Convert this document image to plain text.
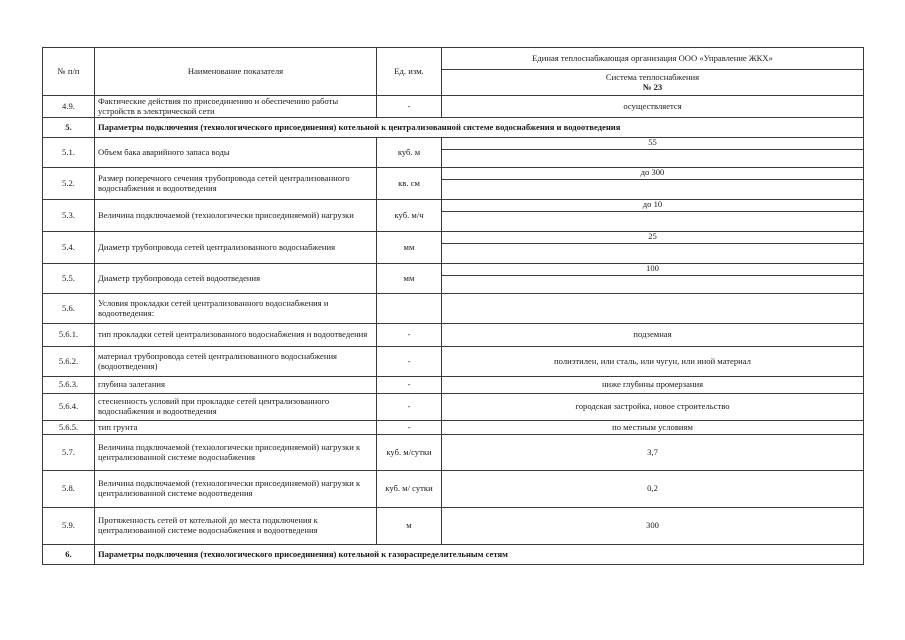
№ п/п	Наименование показателя	Ед. изм.	Единая теплоснабжающая организация ООО «Управление ЖКХ»

			Система теплоснабжения
№ 23

4.9.	Фактические действия по присоединению и обеспечению работы устройств в электрической сети	-	осуществляется
5.	Параметры подключения (технологического присоединения) котельной к централизованной системе водоснабжения и водоотведения		
5.1.	Объем бака аварийного запаса воды	куб. м	55

5.2.	Размер поперечного сечения трубопровода сетей централизованного водоснабжения и водоотведения	кв. см	до 300

5.3.	Величина подключаемой (технологически присоединяемой) нагрузки	куб. м/ч	до 10

5.4.	Диаметр трубопровода сетей централизованного водоснабжения	мм	25

5.5.	Диаметр трубопровода сетей водоотведения	мм	100

5.6.	Условия прокладки сетей централизованного водоснабжения и водоотведения:		
5.6.1.	тип прокладки сетей централизованного водоснабжения и водоотведения	-	подземная
5.6.2.	материал трубопровода сетей централизованного водоснабжения (водоотведения)	-	полиэтилен, или сталь, или чугун, или иной материал
5.6.3.	глубина залегания	-	ниже глубины промерзания
5.6.4.	стесненность условий при прокладке сетей централизованного водоснабжения и водоотведения	-	городская застройка, новое строительство
5.6.5.	тип грунта	-	по местным условиям
5.7.	Величина подключаемой (технологически присоединяемой) нагрузки к централизованной системе водоснабжения	куб. м/сутки	3,7
5.8.	Величина подключаемой (технологически присоединяемой) нагрузки к централизованной системе водоотведения	куб. м/ сутки	0,2
5.9.	Протяженность сетей от котельной до места подключения к централизованной системе водоснабжения и водоотведения	м	300
6.	Параметры подключения (технологического присоединения) котельной к газораспределительным сетям		
